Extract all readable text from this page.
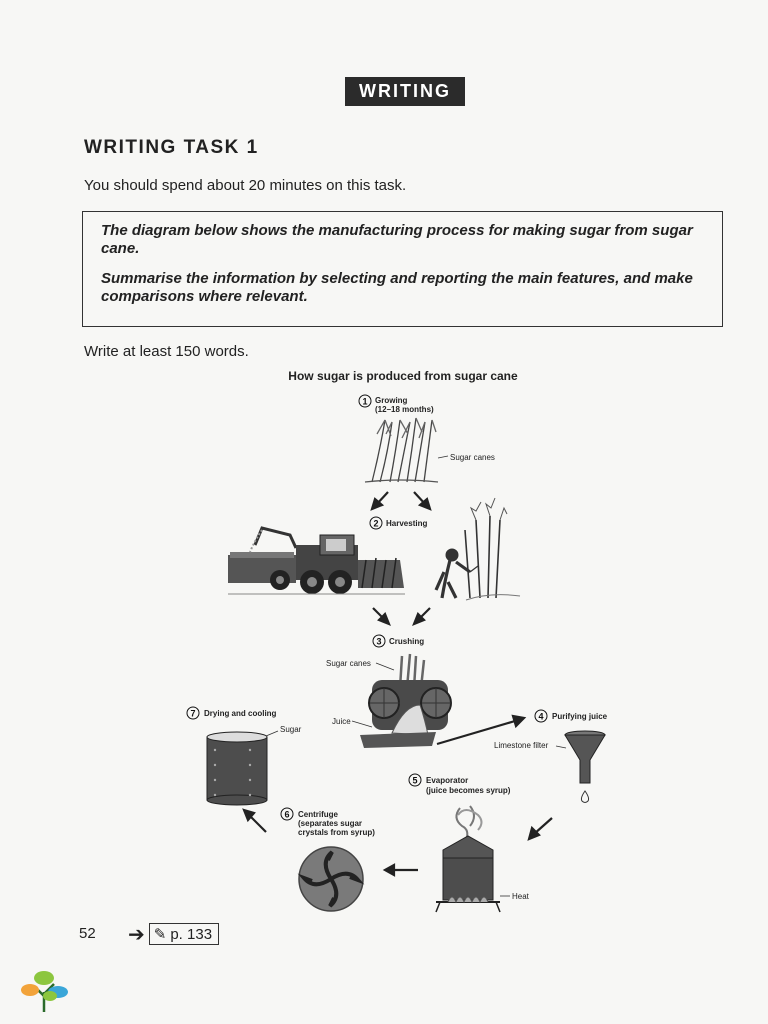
WRITING
WRITING TASK 1
You should spend about 20 minutes on this task.

The diagram below shows the manufacturing process for making sugar from sugar cane.

Summarise the information by selecting and reporting the main features, and make comparisons where relevant.

Write at least 150 words.
How sugar is produced from sugar cane
1 Growing
(12–18 months)
Sugar canes
2 Harvesting
3 Crushing
Sugar canes
Juice	4 Purifying juice
Limestone filter
5 Evaporator
(juice becomes syrup)
Heat
6 Centrifuge
(separates sugar
crystals from syrup)
7 Drying and cooling
Sugar
52 ➔ ✎ p. 133
